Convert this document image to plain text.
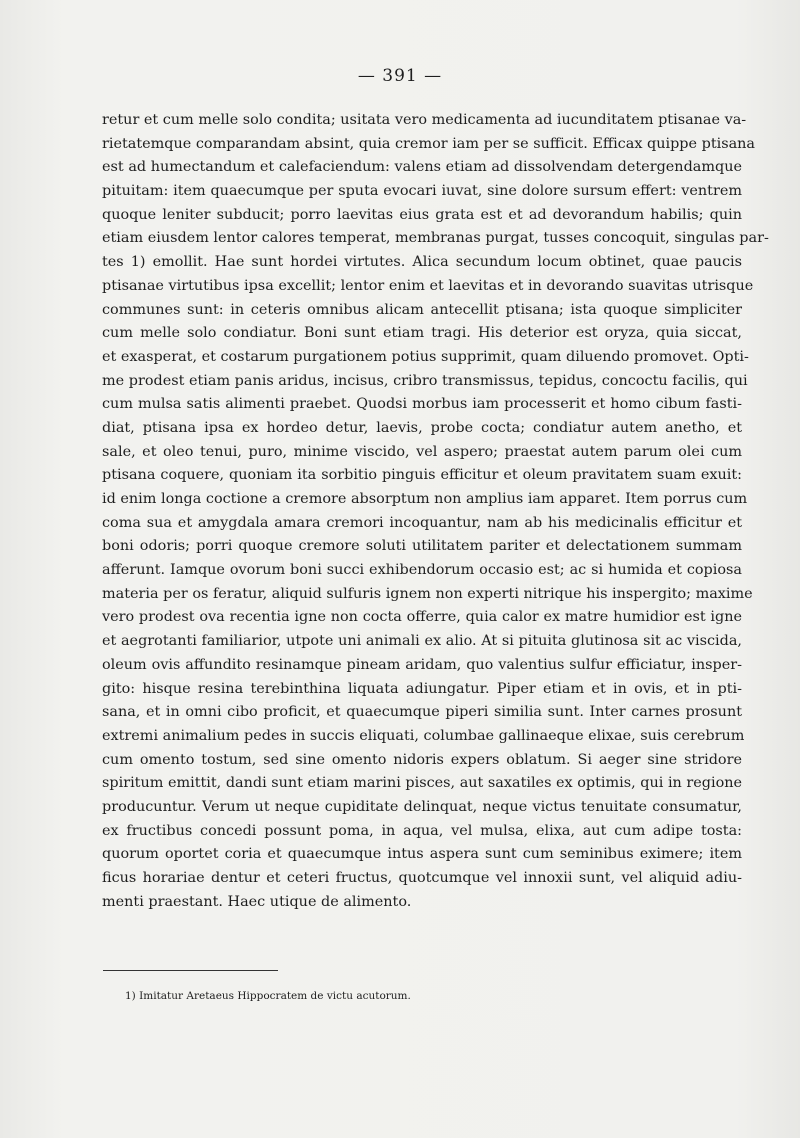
— 391 —
retur et cum melle solo condita; usitata vero medicamenta ad iucunditatem ptisanae va-
rietatemque comparandam absint, quia cremor iam per se sufficit. Efficax quippe ptisana
est ad humectandum et calefaciendum: valens etiam ad dissolvendam detergendamque
pituitam: item quaecumque per sputa evocari iuvat, sine dolore sursum effert: ventrem
quoque leniter subducit; porro laevitas eius grata est et ad devorandum habilis; quin
etiam eiusdem lentor calores temperat, membranas purgat, tusses concoquit, singulas par-
tes 1) emollit. Hae sunt hordei virtutes. Alica secundum locum obtinet, quae paucis
ptisanae virtutibus ipsa excellit; lentor enim et laevitas et in devorando suavitas utrisque
communes sunt: in ceteris omnibus alicam antecellit ptisana; ista quoque simpliciter
cum melle solo condiatur. Boni sunt etiam tragi. His deterior est oryza, quia siccat,
et exasperat, et costarum purgationem potius supprimit, quam diluendo promovet. Opti-
me prodest etiam panis aridus, incisus, cribro transmissus, tepidus, concoctu facilis, qui
cum mulsa satis alimenti praebet. Quodsi morbus iam processerit et homo cibum fasti-
diat, ptisana ipsa ex hordeo detur, laevis, probe cocta; condiatur autem anetho, et
sale, et oleo tenui, puro, minime viscido, vel aspero; praestat autem parum olei cum
ptisana coquere, quoniam ita sorbitio pinguis efficitur et oleum pravitatem suam exuit:
id enim longa coctione a cremore absorptum non amplius iam apparet. Item porrus cum
coma sua et amygdala amara cremori incoquantur, nam ab his medicinalis efficitur et
boni odoris; porri quoque cremore soluti utilitatem pariter et delectationem summam
afferunt. Iamque ovorum boni succi exhibendorum occasio est; ac si humida et copiosa
materia per os feratur, aliquid sulfuris ignem non experti nitrique his inspergito; maxime
vero prodest ova recentia igne non cocta offerre, quia calor ex matre humidior est igne
et aegrotanti familiarior, utpote uni animali ex alio. At si pituita glutinosa sit ac viscida,
oleum ovis affundito resinamque pineam aridam, quo valentius sulfur efficiatur, insper-
gito: hisque resina terebinthina liquata adiungatur. Piper etiam et in ovis, et in pti-
sana, et in omni cibo proficit, et quaecumque piperi similia sunt. Inter carnes prosunt
extremi animalium pedes in succis eliquati, columbae gallinaeque elixae, suis cerebrum
cum omento tostum, sed sine omento nidoris expers oblatum. Si aeger sine stridore
spiritum emittit, dandi sunt etiam marini pisces, aut saxatiles ex optimis, qui in regione
producuntur. Verum ut neque cupiditate delinquat, neque victus tenuitate consumatur,
ex fructibus concedi possunt poma, in aqua, vel mulsa, elixa, aut cum adipe tosta:
quorum oportet coria et quaecumque intus aspera sunt cum seminibus eximere; item
ficus horariae dentur et ceteri fructus, quotcumque vel innoxii sunt, vel aliquid adiu-
menti praestant. Haec utique de alimento.
1) Imitatur Aretaeus Hippocratem de victu acutorum.
